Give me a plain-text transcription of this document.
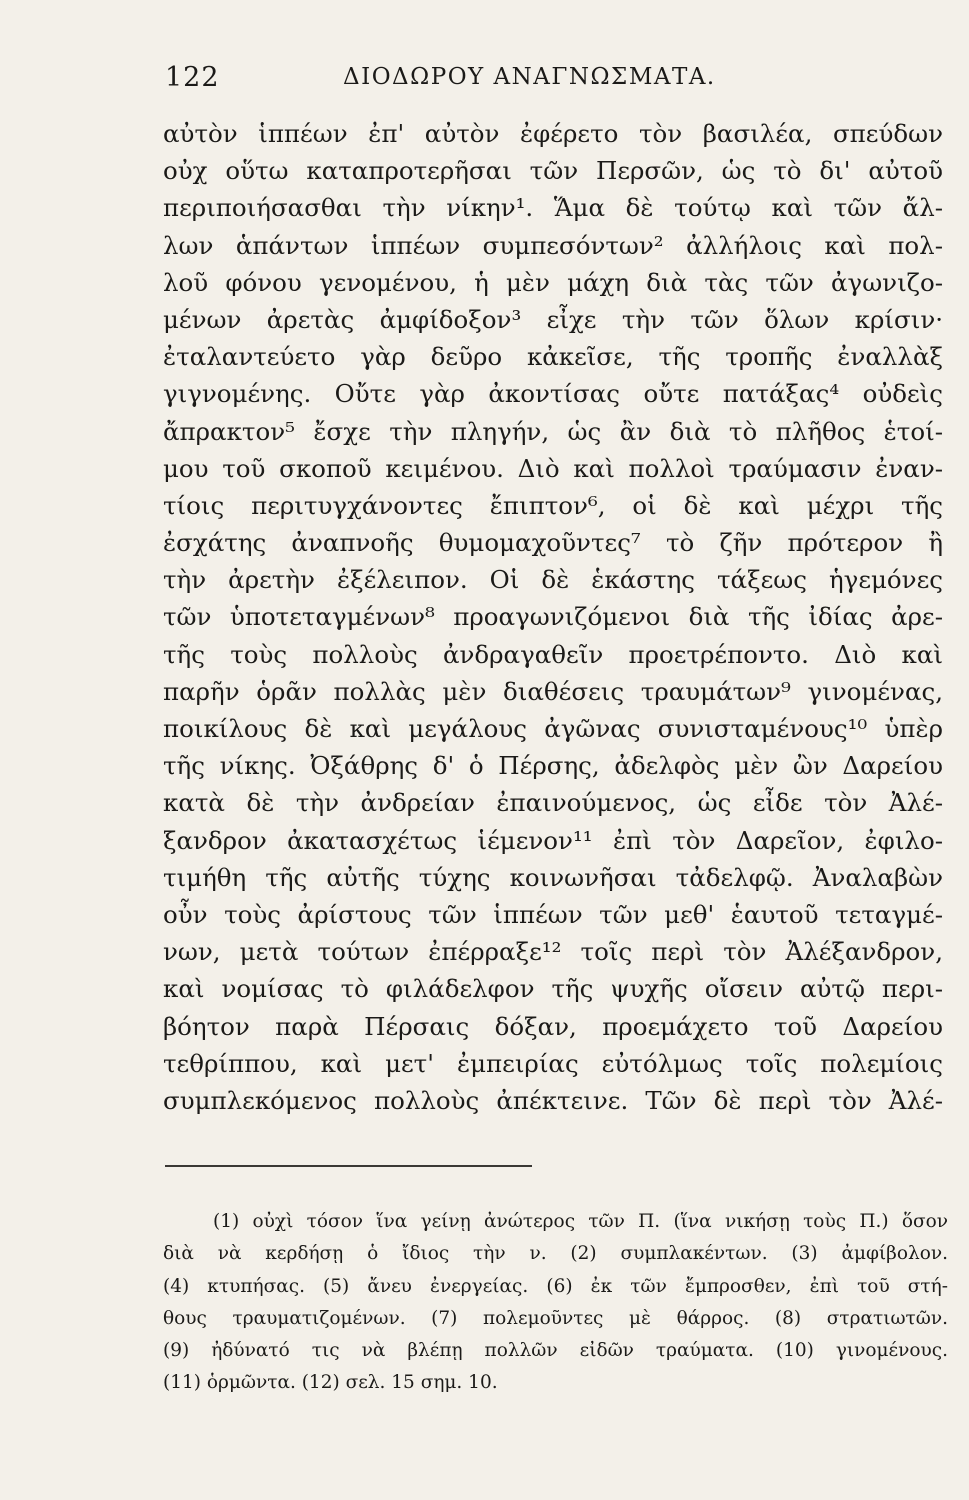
122	ΔΙΟΔΩΡΟΥ ΑΝΑΓΝΩΣΜΑΤΑ.
αὐτὸν ἱππέων ἐπ' αὐτὸν ἐφέρετο τὸν βασιλέα, σπεύδων
οὐχ οὕτω καταπροτερῆσαι τῶν Περσῶν, ὡς τὸ δι' αὐτοῦ
περιποιήσασθαι τὴν νίκην¹. Ἅμα δὲ τούτῳ καὶ τῶν ἄλ-
λων ἁπάντων ἱππέων συμπεσόντων² ἀλλήλοις καὶ πολ-
λοῦ φόνου γενομένου, ἡ μὲν μάχη διὰ τὰς τῶν ἀγωνιζο-
μένων ἀρετὰς ἀμφίδοξον³ εἶχε τὴν τῶν ὅλων κρίσιν·
ἐταλαντεύετο γὰρ δεῦρο κἀκεῖσε, τῆς τροπῆς ἐναλλὰξ
γιγνομένης. Οὔτε γὰρ ἀκοντίσας οὔτε πατάξας⁴ οὐδεὶς
ἄπρακτον⁵ ἔσχε τὴν πληγήν, ὡς ἂν διὰ τὸ πλῆθος ἑτοί-
μου τοῦ σκοποῦ κειμένου. Διὸ καὶ πολλοὶ τραύμασιν ἐναν-
τίοις περιτυγχάνοντες ἔπιπτον⁶, οἱ δὲ καὶ μέχρι τῆς
ἐσχάτης ἀναπνοῆς θυμομαχοῦντες⁷ τὸ ζῆν πρότερον ἢ
τὴν ἀρετὴν ἐξέλειπον. Οἱ δὲ ἑκάστης τάξεως ἡγεμόνες
τῶν ὑποτεταγμένων⁸ προαγωνιζόμενοι διὰ τῆς ἰδίας ἀρε-
τῆς τοὺς πολλοὺς ἀνδραγαθεῖν προετρέποντο. Διὸ καὶ
παρῆν ὁρᾶν πολλὰς μὲν διαθέσεις τραυμάτων⁹ γινομένας,
ποικίλους δὲ καὶ μεγάλους ἀγῶνας συνισταμένους¹⁰ ὑπὲρ
τῆς νίκης. Ὀξάθρης δ' ὁ Πέρσης, ἀδελφὸς μὲν ὢν Δαρείου
κατὰ δὲ τὴν ἀνδρείαν ἐπαινούμενος, ὡς εἶδε τὸν Ἀλέ-
ξανδρον ἀκατασχέτως ἱέμενον¹¹ ἐπὶ τὸν Δαρεῖον, ἐφιλο-
τιμήθη τῆς αὐτῆς τύχης κοινωνῆσαι τἀδελφῷ. Ἀναλαβὼν
οὖν τοὺς ἀρίστους τῶν ἱππέων τῶν μεθ' ἑαυτοῦ τεταγμέ-
νων, μετὰ τούτων ἐπέρραξε¹² τοῖς περὶ τὸν Ἀλέξανδρον,
καὶ νομίσας τὸ φιλάδελφον τῆς ψυχῆς οἴσειν αὐτῷ περι-
βόητον παρὰ Πέρσαις δόξαν, προεμάχετο τοῦ Δαρείου
τεθρίππου, καὶ μετ' ἐμπειρίας εὐτόλμως τοῖς πολεμίοις
συμπλεκόμενος πολλοὺς ἀπέκτεινε. Τῶν δὲ περὶ τὸν Ἀλέ-
(1) οὐχὶ τόσον ἵνα γείνῃ ἀνώτερος τῶν Π. (ἵνα νικήσῃ τοὺς Π.) ὅσον
διὰ νὰ κερδήσῃ ὁ ἴδιος τὴν ν. (2) συμπλακέντων. (3) ἀμφίβολον.
(4) κτυπήσας. (5) ἄνευ ἐνεργείας. (6) ἐκ τῶν ἔμπροσθεν, ἐπὶ τοῦ στή-
θους τραυματιζομένων. (7) πολεμοῦντες μὲ θάρρος. (8) στρατιωτῶν.
(9) ἠδύνατό τις νὰ βλέπῃ πολλῶν εἰδῶν τραύματα. (10) γινομένους.
(11) ὁρμῶντα. (12) σελ. 15 σημ. 10.
